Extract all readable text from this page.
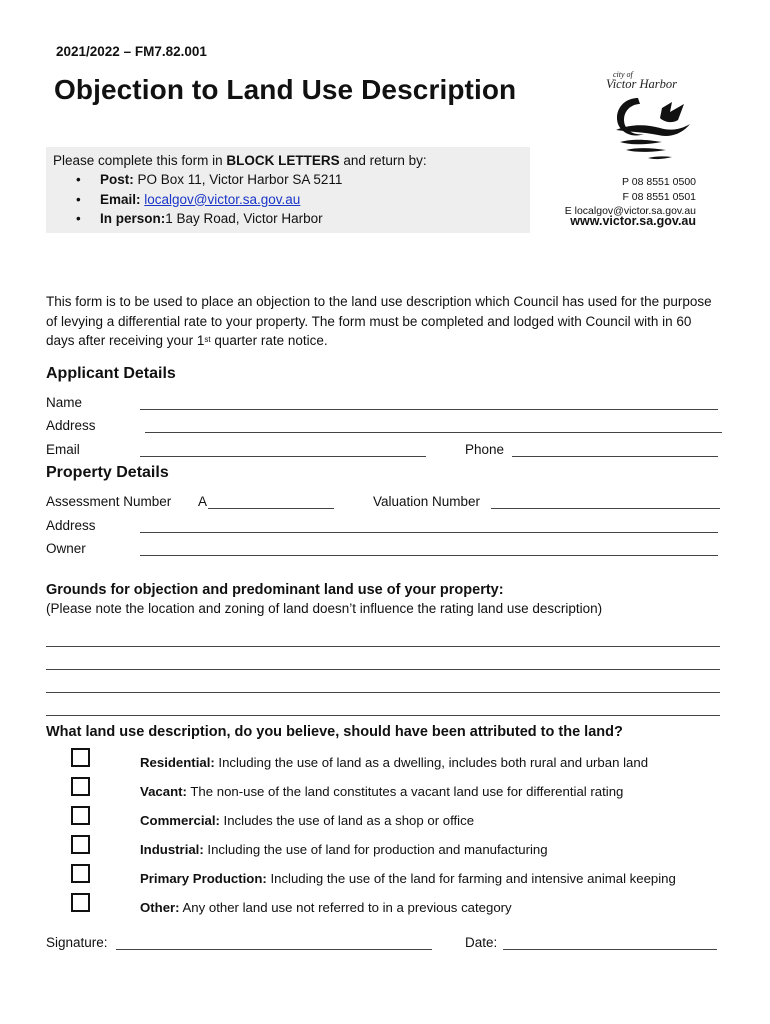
2021/2022 – FM7.82.001
Objection to Land Use Description
Please complete this form in BLOCK LETTERS and return by:
• Post: PO Box 11, Victor Harbor SA 5211
• Email: localgov@victor.sa.gov.au
• In person:1 Bay Road, Victor Harbor
city of
Victor Harbor
P 08 8551 0500
F 08 8551 0501
E localgov@victor.sa.gov.au
www.victor.sa.gov.au
This form is to be used to place an objection to the land use description which Council has used for the purpose of levying a differential rate to your property. The form must be completed and lodged with Council with in 60 days after receiving your 1st quarter rate notice.
Applicant Details
Name
Address
Email	Phone
Property Details
Assessment Number A	Valuation Number
Address
Owner
Grounds for objection and predominant land use of your property:
(Please note the location and zoning of land doesn’t influence the rating land use description)
What land use description, do you believe, should have been attributed to the land?
Residential: Including the use of land as a dwelling, includes both rural and urban land
Vacant: The non-use of the land constitutes a vacant land use for differential rating
Commercial: Includes the use of land as a shop or office
Industrial: Including the use of land for production and manufacturing
Primary Production: Including the use of the land for farming and intensive animal keeping
Other: Any other land use not referred to in a previous category
Signature:	Date:
